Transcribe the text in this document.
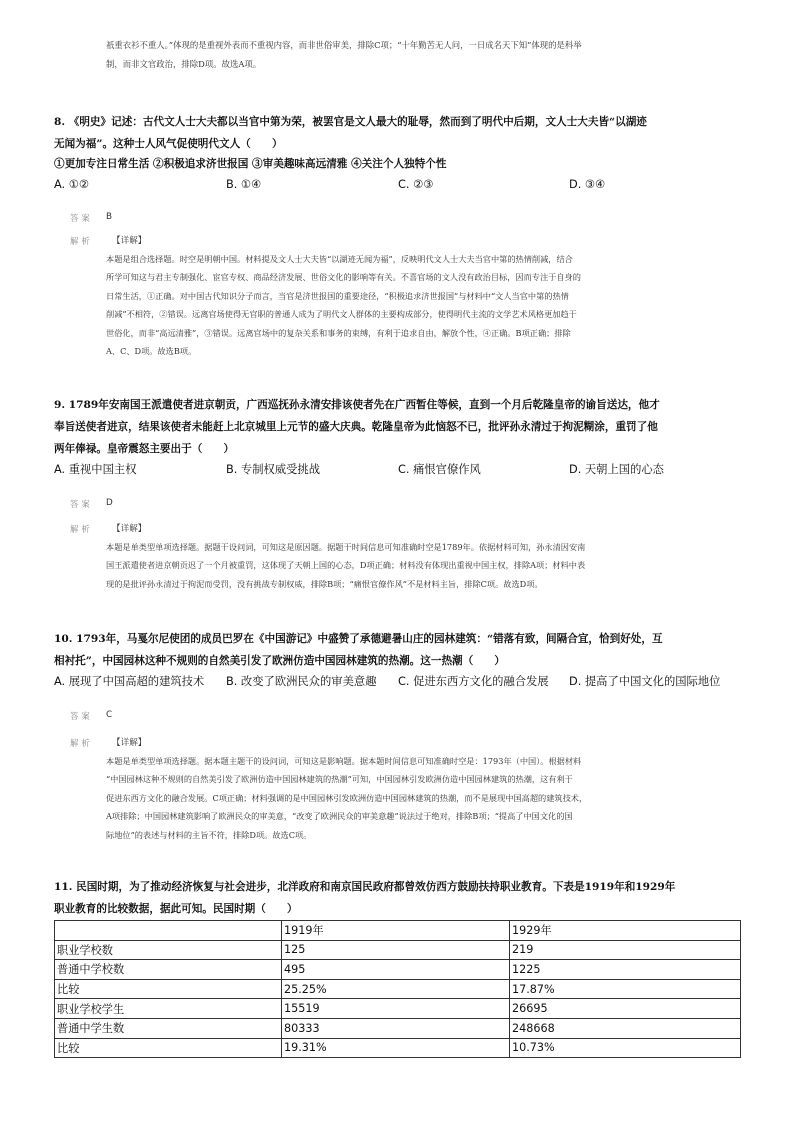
祇重衣衫不重人。”体现的是重视外表而不重视内容，而非世俗审美，排除C项；“十年勤苦无人问，一日成名天下知”体现的是科举
制，而非文官政治，排除D项。故选A项。
8. 《明史》记述：古代文人士大夫都以当官中第为荣，被罢官是文人最大的耻辱，然而到了明代中后期，文人士大夫皆“以湖迹
无闻为福”。这种士人风气促使明代文人（　　）
①更加专注日常生活 ②积极追求济世报国 ③审美趣味高远清雅 ④关注个人独特个性
A. ①②	B. ①④	C. ②③	D. ③④
答案 B
解析 【详解】
本题是组合选择题。时空是明朝中国。材料提及文人士大夫皆“以湖迹无闻为福”，反映明代文人士大夫当官中第的热情削减，结合
所学可知这与君主专制强化、宦官专权、商品经济发展、世俗文化的影响等有关。不喜官场的文人没有政治目标，因而专注于自身的
日常生活，①正确。对中国古代知识分子而言，当官是济世报国的重要途径，“积极追求济世报国”与材料中“文人当官中第的热情
削减”不相符，②错误。远离官场使得无官职的普通人成为了明代文人群体的主要构成部分，使得明代主流的文学艺术风格更加趋于
世俗化，而非“高远清雅”，③错误。远离官场中的复杂关系和事务的束缚，有利于追求自由，解放个性，④正确。B项正确；排除
A、C、D项。故选B项。
9. 1789年安南国王派遣使者进京朝贡，广西巡抚孙永清安排该使者先在广西暂住等候，直到一个月后乾隆皇帝的谕旨送达，他才
奉旨送使者进京，结果该使者未能赶上北京城里上元节的盛大庆典。乾隆皇帝为此恼怒不已，批评孙永清过于拘泥糊涂，重罚了他
两年俸禄。皇帝震怒主要出于（　　）
A. 重视中国主权	B. 专制权威受挑战	C. 痛恨官僚作风	D. 天朝上国的心态
答案 D
解析 【详解】
本题是单类型单项选择题。据题干设问词，可知这是原因题。据题干时间信息可知准确时空是1789年。依据材料可知，孙永清因安南
国王派遣使者进京朝贡迟了一个月被重罚，这体现了天朝上国的心态，D项正确；材料没有体现出重视中国主权，排除A项；材料中表
现的是批评孙永清过于拘泥而受罚，没有挑战专制权威，排除B项；“痛恨官僚作风”不是材料主旨，排除C项。故选D项。
10. 1793年，马戛尔尼使团的成员巴罗在《中国游记》中盛赞了承德避暑山庄的园林建筑：“错落有致，间隔合宜，恰到好处，互
相衬托”，中国园林这种不规则的自然美引发了欧洲仿造中国园林建筑的热潮。这一热潮（　　）
A. 展现了中国高超的建筑技术 B. 改变了欧洲民众的审美意趣 C. 促进东西方文化的融合发展 D. 提高了中国文化的国际地位
答案 C
解析 【详解】
本题是单类型单项选择题。据本题主题干的设问词，可知这是影响题。据本题时间信息可知准确时空是：1793年（中国）。根据材料
“中国园林这种不规则的自然美引发了欧洲仿造中国园林建筑的热潮”可知，中国园林引发欧洲仿造中国园林建筑的热潮，这有利于
促进东西方文化的融合发展。C项正确；材料强调的是中国园林引发欧洲仿造中国园林建筑的热潮，而不是展现中国高超的建筑技术，
A项排除；中国园林建筑影响了欧洲民众的审美意，“改变了欧洲民众的审美意趣”说法过于绝对，排除B项；“提高了中国文化的国
际地位”的表述与材料的主旨不符，排除D项。故选C项。
11. 民国时期，为了推动经济恢复与社会进步，北洋政府和南京国民政府都曾效仿西方鼓励扶持职业教育。下表是1919年和1929年
职业教育的比较数据，据此可知。民国时期（　　）
	1919年	1929年
职业学校数	125	219
普通中学校数	495	1225
比较	25.25%	17.87%
职业学校学生	15519	26695
普通中学生数	80333	248668
比较	19.31%	10.73%
